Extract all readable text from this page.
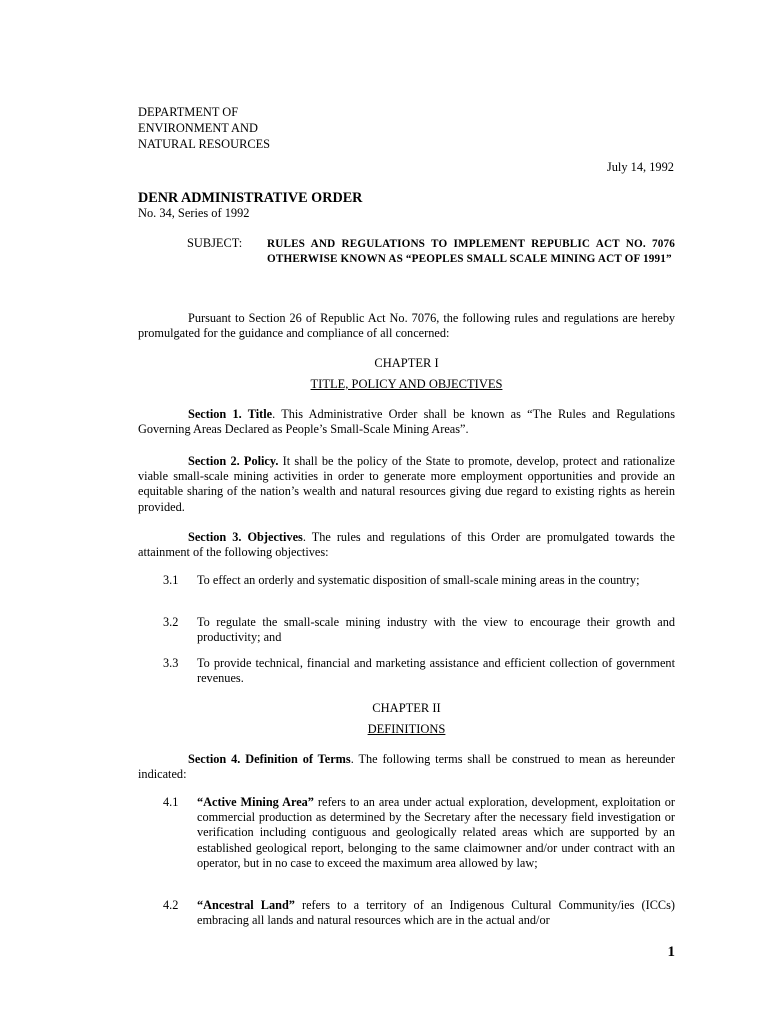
DEPARTMENT OF
ENVIRONMENT AND
NATURAL RESOURCES
July 14, 1992
DENR ADMINISTRATIVE ORDER
No. 34, Series of 1992
SUBJECT: RULES AND REGULATIONS TO IMPLEMENT REPUBLIC ACT NO. 7076 OTHERWISE KNOWN AS “PEOPLES SMALL SCALE MINING ACT OF 1991”
Pursuant to Section 26 of Republic Act No. 7076, the following rules and regulations are hereby promulgated for the guidance and compliance of all concerned:
CHAPTER I
TITLE, POLICY AND OBJECTIVES
Section 1. Title. This Administrative Order shall be known as “The Rules and Regulations Governing Areas Declared as People’s Small-Scale Mining Areas”.
Section 2. Policy. It shall be the policy of the State to promote, develop, protect and rationalize viable small-scale mining activities in order to generate more employment opportunities and provide an equitable sharing of the nation’s wealth and natural resources giving due regard to existing rights as herein provided.
Section 3. Objectives. The rules and regulations of this Order are promulgated towards the attainment of the following objectives:
3.1 To effect an orderly and systematic disposition of small-scale mining areas in the country;
3.2 To regulate the small-scale mining industry with the view to encourage their growth and productivity; and
3.3 To provide technical, financial and marketing assistance and efficient collection of government revenues.
CHAPTER II
DEFINITIONS
Section 4. Definition of Terms. The following terms shall be construed to mean as hereunder indicated:
4.1 “Active Mining Area” refers to an area under actual exploration, development, exploitation or commercial production as determined by the Secretary after the necessary field investigation or verification including contiguous and geologically related areas which are supported by an established geological report, belonging to the same claimowner and/or under contract with an operator, but in no case to exceed the maximum area allowed by law;
4.2 “Ancestral Land” refers to a territory of an Indigenous Cultural Community/ies (ICCs) embracing all lands and natural resources which are in the actual and/or
1
